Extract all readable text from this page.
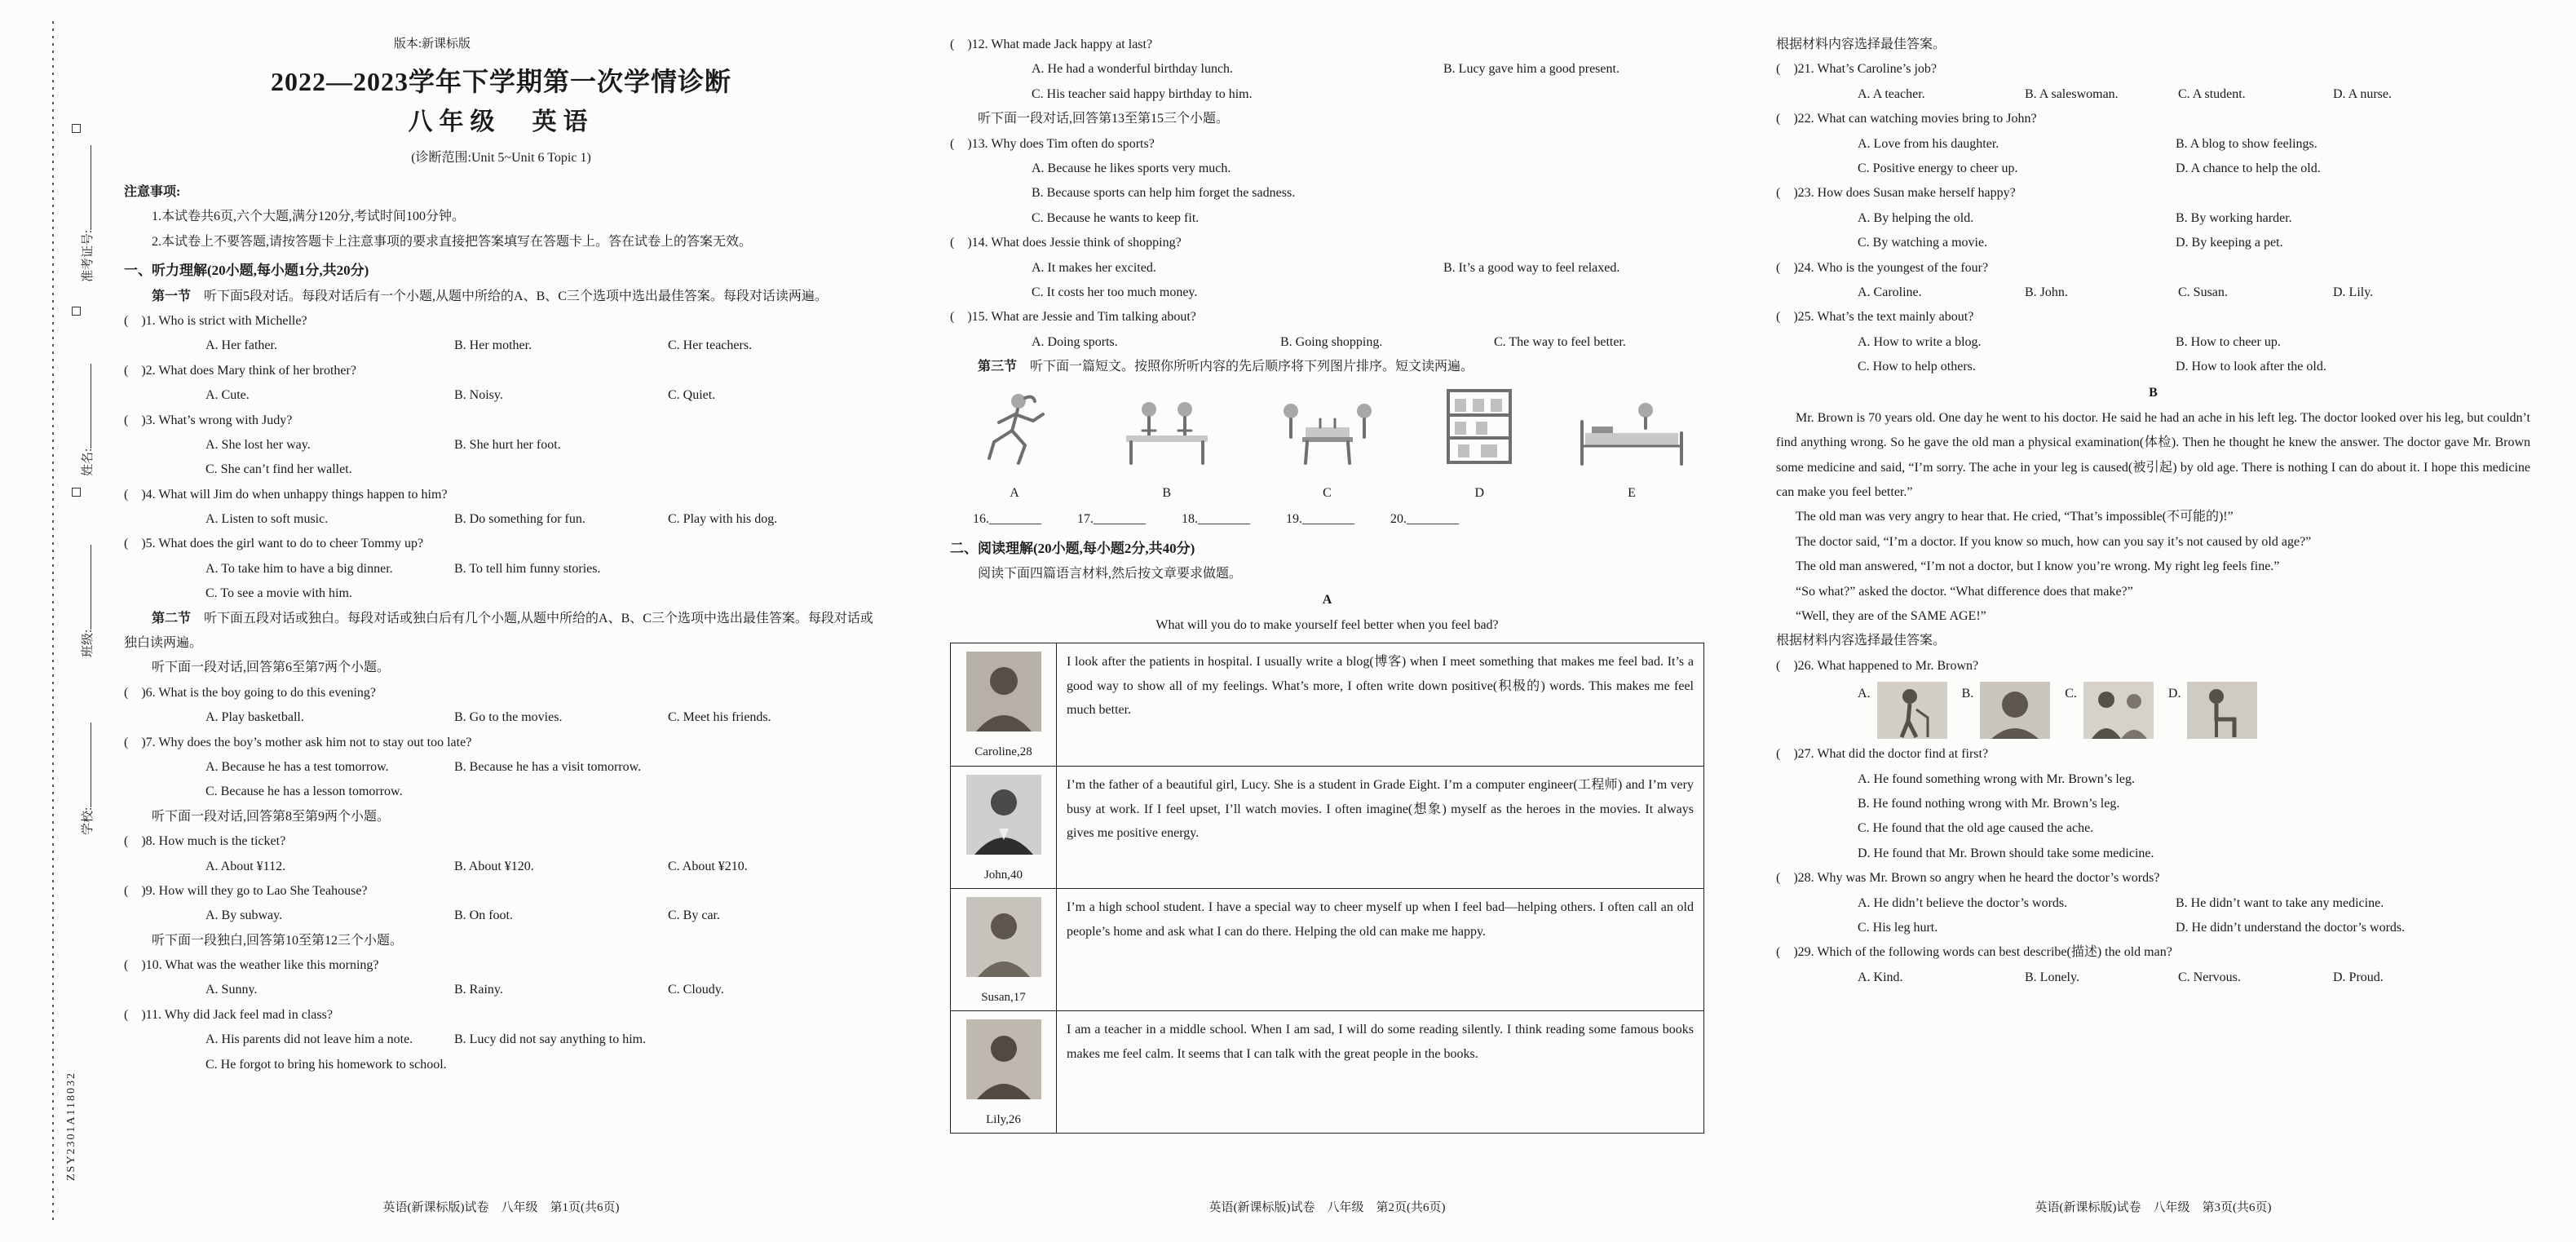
准考证号:
姓名:
班级:
学校:
ZSY2301A118032
版本:新课标版
2022—2023学年下学期第一次学情诊断
八年级　英语
(诊断范围:Unit 5~Unit 6 Topic 1)
注意事项:

1.本试卷共6页,六个大题,满分120分,考试时间100分钟。

2.本试卷上不要答题,请按答题卡上注意事项的要求直接把答案填写在答题卡上。答在试卷上的答案无效。

一、听力理解(20小题,每小题1分,共20分)

第一节　听下面5段对话。每段对话后有一个小题,从题中所给的A、B、C三个选项中选出最佳答案。每段对话读两遍。

(    )1. Who is strict with Michelle?

A. Her father.	B. Her mother.	C. Her teachers.

(    )2. What does Mary think of her brother?

A. Cute.	B. Noisy.	C. Quiet.

(    )3. What’s wrong with Judy?

A. She lost her way.	B. She hurt her foot.
C. She can’t find her wallet.

(    )4. What will Jim do when unhappy things happen to him?

A. Listen to soft music.	B. Do something for fun.	C. Play with his dog.

(    )5. What does the girl want to do to cheer Tommy up?

A. To take him to have a big dinner.	B. To tell him funny stories.
C. To see a movie with him.

第二节　听下面五段对话或独白。每段对话或独白后有几个小题,从题中所给的A、B、C三个选项中选出最佳答案。每段对话或独白读两遍。

听下面一段对话,回答第6至第7两个小题。

(    )6. What is the boy going to do this evening?

A. Play basketball.	B. Go to the movies.	C. Meet his friends.

(    )7. Why does the boy’s mother ask him not to stay out too late?

A. Because he has a test tomorrow.	B. Because he has a visit tomorrow.
C. Because he has a lesson tomorrow.

听下面一段对话,回答第8至第9两个小题。

(    )8. How much is the ticket?

A. About ¥112.	B. About ¥120.	C. About ¥210.

(    )9. How will they go to Lao She Teahouse?

A. By subway.	B. On foot.	C. By car.

听下面一段独白,回答第10至第12三个小题。

(    )10. What was the weather like this morning?

A. Sunny.	B. Rainy.	C. Cloudy.

(    )11. Why did Jack feel mad in class?

A. His parents did not leave him a note.	B. Lucy did not say anything to him.
C. He forgot to bring his homework to school.
英语(新课标版)试卷　八年级　第1页(共6页)

(    )12. What made Jack happy at last?

A. He had a wonderful birthday lunch.	B. Lucy gave him a good present.
C. His teacher said happy birthday to him.

听下面一段对话,回答第13至第15三个小题。

(    )13. Why does Tim often do sports?

A. Because he likes sports very much.
B. Because sports can help him forget the sadness.
C. Because he wants to keep fit.

(    )14. What does Jessie think of shopping?

A. It makes her excited.	B. It’s a good way to feel relaxed.
C. It costs her too much money.

(    )15. What are Jessie and Tim talking about?

A. Doing sports.	B. Going shopping.	C. The way to feel better.

第三节　听下面一篇短文。按照你所听内容的先后顺序将下列图片排序。短文读两遍。

A	B	C	D	E
16.________	17.________	18.________	19.________	20.________
二、阅读理解(20小题,每小题2分,共40分)

阅读下面四篇语言材料,然后按文章要求做题。

A

What will you do to make yourself feel better when you feel bad?

Caroline,28
I look after the patients in hospital. I usually write a blog(博客) when I meet something that makes me feel bad. It’s a good way to show all of my feelings. What’s more, I often write down positive(积极的) words. This makes me feel much better.
John,40
I’m the father of a beautiful girl, Lucy. She is a student in Grade Eight. I’m a computer engineer(工程师) and I’m very busy at work. If I feel upset, I’ll watch movies. I often imagine(想象) myself as the heroes in the movies. It always gives me positive energy.
Susan,17
I’m a high school student. I have a special way to cheer myself up when I feel bad—helping others. I often call an old people’s home and ask what I can do there. Helping the old can make me happy.
Lily,26
I am a teacher in a middle school. When I am sad, I will do some reading silently. I think reading some famous books makes me feel calm. It seems that I can talk with the great people in the books.
英语(新课标版)试卷　八年级　第2页(共6页)

根据材料内容选择最佳答案。

(    )21. What’s Caroline’s job?

A. A teacher.	B. A saleswoman.	C. A student.	D. A nurse.

(    )22. What can watching movies bring to John?

A. Love from his daughter.	B. A blog to show feelings.
C. Positive energy to cheer up.	D. A chance to help the old.

(    )23. How does Susan make herself happy?

A. By helping the old.	B. By working harder.
C. By watching a movie.	D. By keeping a pet.

(    )24. Who is the youngest of the four?

A. Caroline.	B. John.	C. Susan.	D. Lily.

(    )25. What’s the text mainly about?

A. How to write a blog.	B. How to cheer up.
C. How to help others.	D. How to look after the old.
B

Mr. Brown is 70 years old. One day he went to his doctor. He said he had an ache in his left leg. The doctor looked over his leg, but couldn’t find anything wrong. So he gave the old man a physical examination(体检). Then he thought he knew the answer. The doctor gave Mr. Brown some medicine and said, “I’m sorry. The ache in your leg is caused(被引起) by old age. There is nothing I can do about it. I hope this medicine can make you feel better.”

The old man was very angry to hear that. He cried, “That’s impossible(不可能的)!”

The doctor said, “I’m a doctor. If you know so much, how can you say it’s not caused by old age?”

The old man answered, “I’m not a doctor, but I know you’re wrong. My right leg feels fine.”

“So what?” asked the doctor. “What difference does that make?”

“Well, they are of the SAME AGE!”

根据材料内容选择最佳答案。

(    )26. What happened to Mr. Brown?

A.	B.	C.	D.

(    )27. What did the doctor find at first?

A. He found something wrong with Mr. Brown’s leg.
B. He found nothing wrong with Mr. Brown’s leg.
C. He found that the old age caused the ache.
D. He found that Mr. Brown should take some medicine.

(    )28. Why was Mr. Brown so angry when he heard the doctor’s words?

A. He didn’t believe the doctor’s words.	B. He didn’t want to take any medicine.
C. His leg hurt.	D. He didn’t understand the doctor’s words.

(    )29. Which of the following words can best describe(描述) the old man?

A. Kind.	B. Lonely.	C. Nervous.	D. Proud.
英语(新课标版)试卷　八年级　第3页(共6页)
